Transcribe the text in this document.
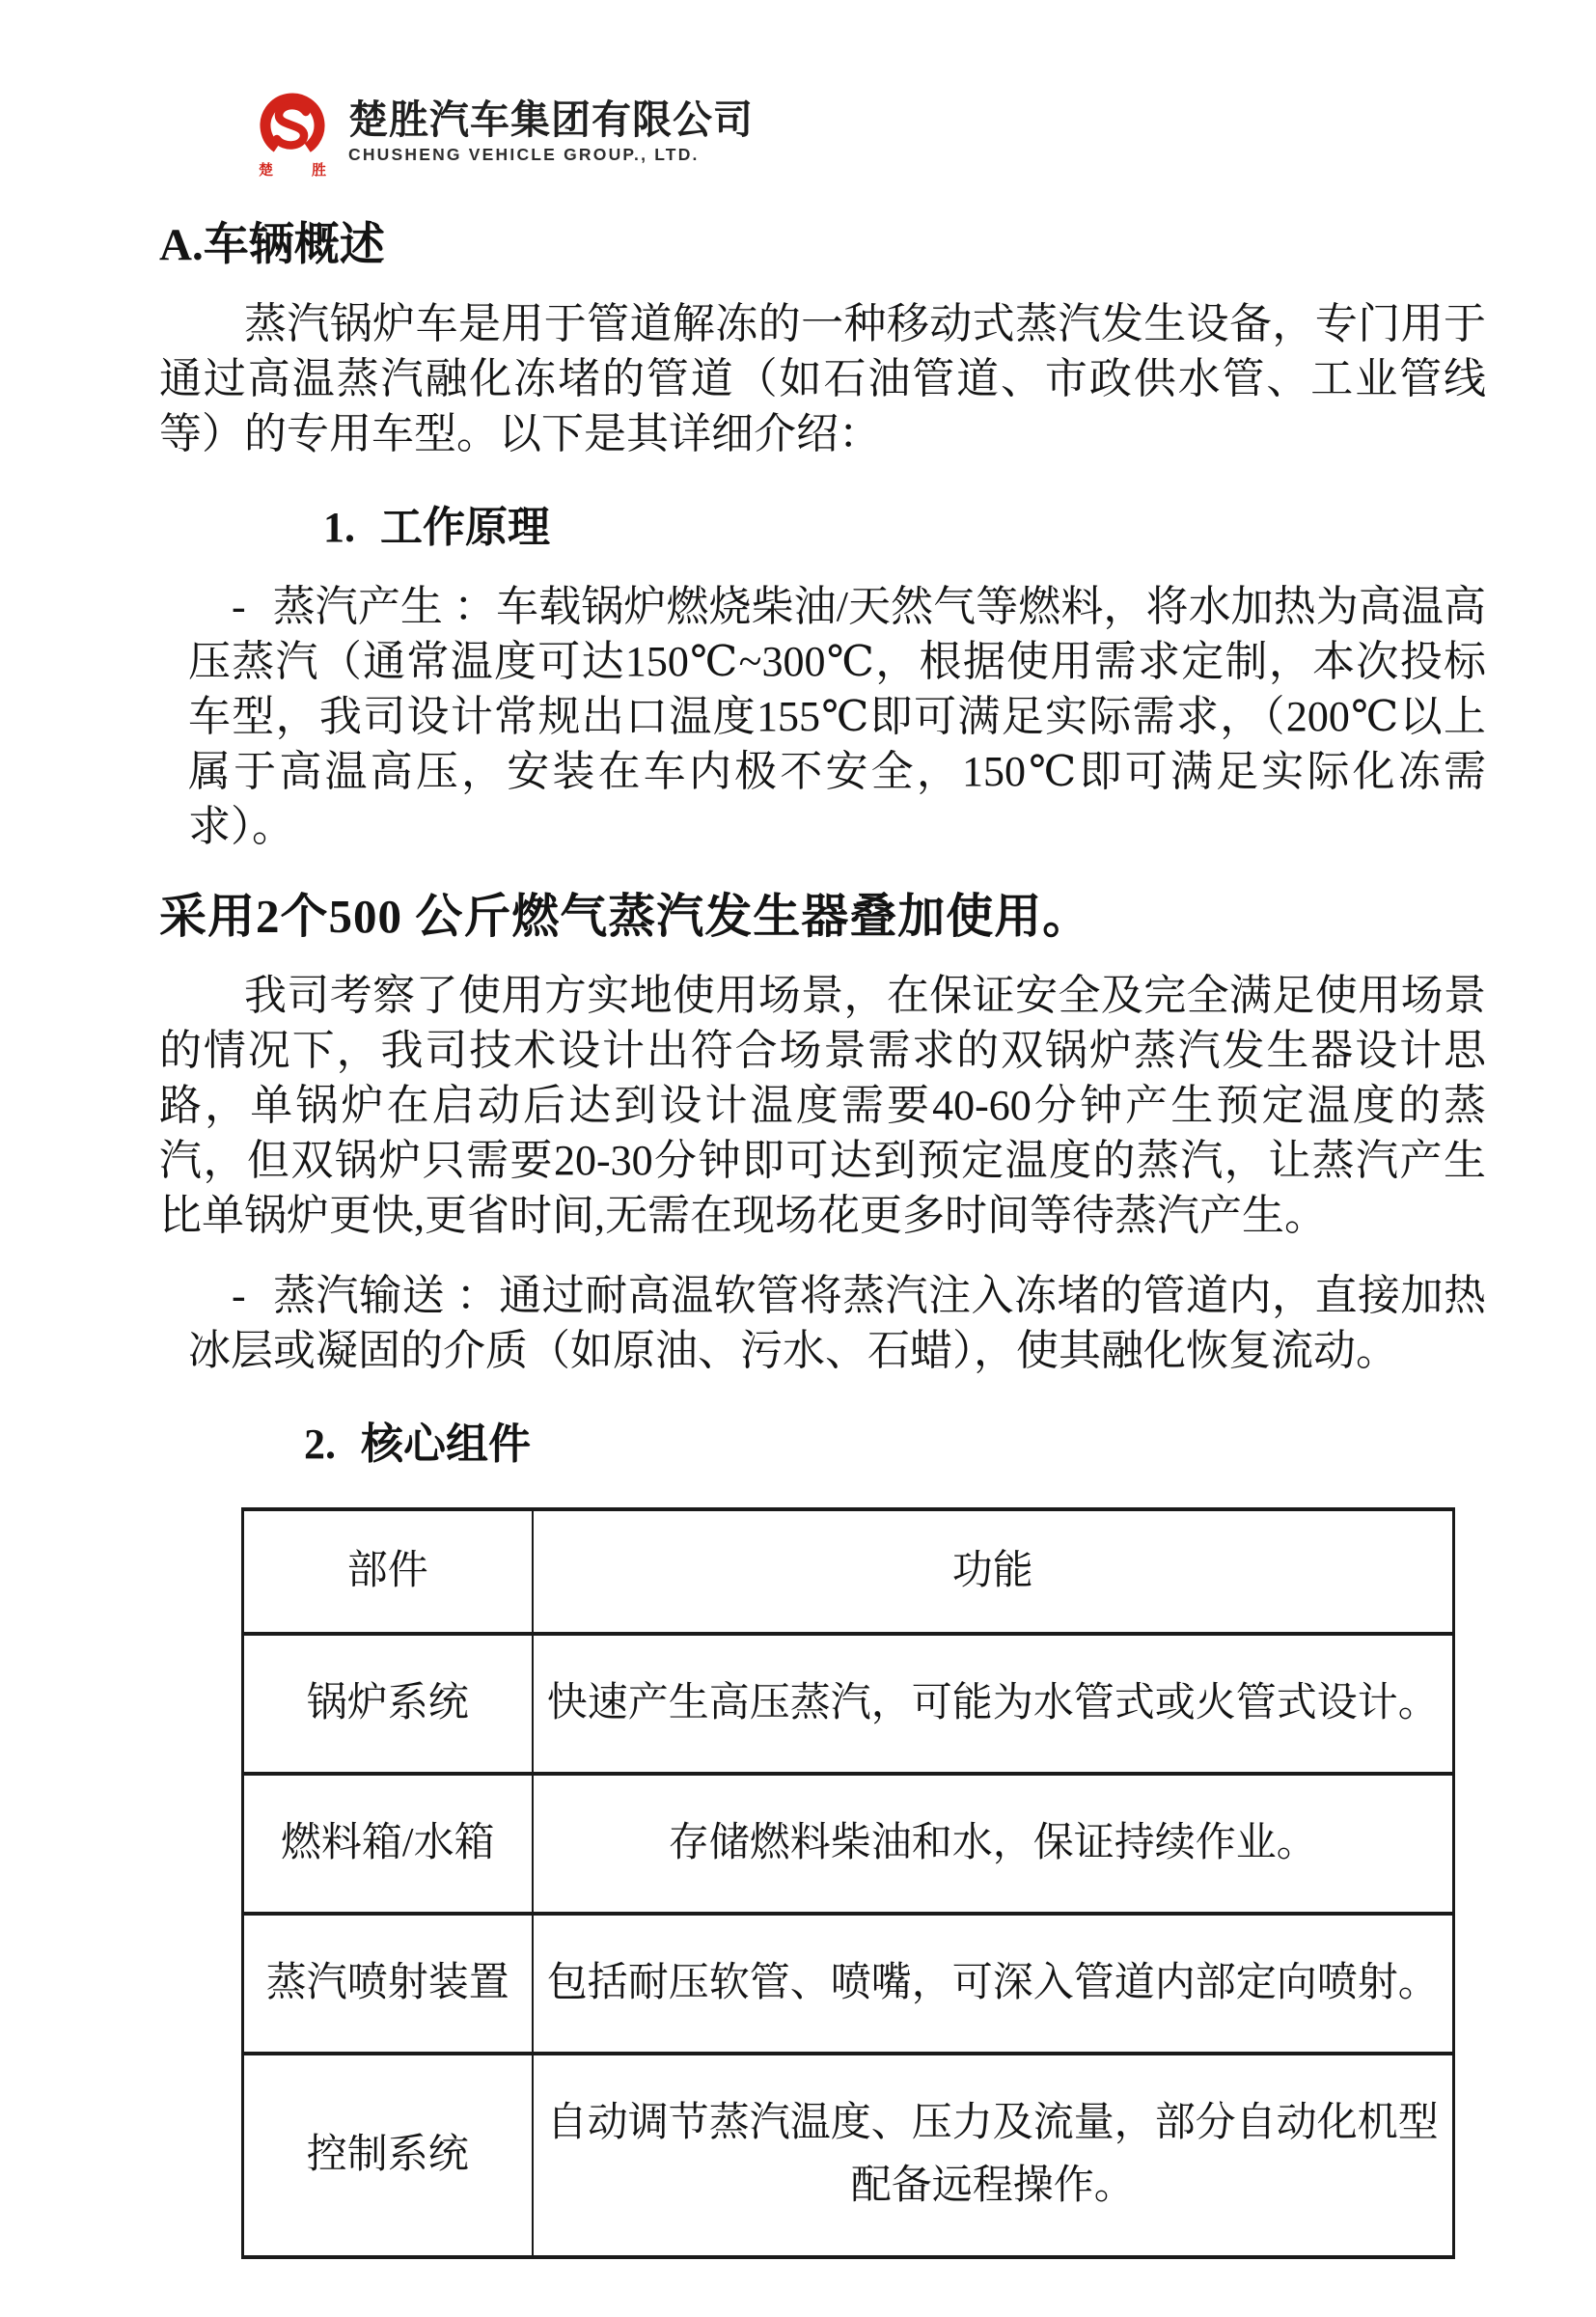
楚	胜
楚胜汽车集团有限公司
CHUSHENG VEHICLE GROUP., LTD.
A.车辆概述

蒸汽锅炉车是用于管道解冻的一种移动式蒸汽发生设备，专门用于通过高温蒸汽融化冻堵的管道（如石油管道、市政供水管、工业管线等）的专用车型。以下是其详细介绍：

1. 工作原理

- 蒸汽产生 ：车载锅炉燃烧柴油/天然气等燃料，将水加热为高温高压蒸汽（通常温度可达150℃~300℃，根据使用需求定制，本次投标车型，我司设计常规出口温度155℃即可满足实际需求，（200℃以上属于高温高压，安装在车内极不安全，150℃即可满足实际化冻需求）。

采用2个500 公斤燃气蒸汽发生器叠加使用。

我司考察了使用方实地使用场景，在保证安全及完全满足使用场景的情况下，我司技术设计出符合场景需求的双锅炉蒸汽发生器设计思路，单锅炉在启动后达到设计温度需要40-60分钟产生预定温度的蒸汽，但双锅炉只需要20-30分钟即可达到预定温度的蒸汽，让蒸汽产生比单锅炉更快,更省时间,无需在现场花更多时间等待蒸汽产生。

- 蒸汽输送 ：通过耐高温软管将蒸汽注入冻堵的管道内，直接加热冰层或凝固的介质（如原油、污水、石蜡），使其融化恢复流动。

2. 核心组件
部件	功能
锅炉系统	快速产生高压蒸汽，可能为水管式或火管式设计。
燃料箱/水箱	存储燃料柴油和水，保证持续作业。
蒸汽喷射装置	包括耐压软管、喷嘴，可深入管道内部定向喷射。
控制系统	自动调节蒸汽温度、压力及流量，部分自动化机型配备远程操作。
